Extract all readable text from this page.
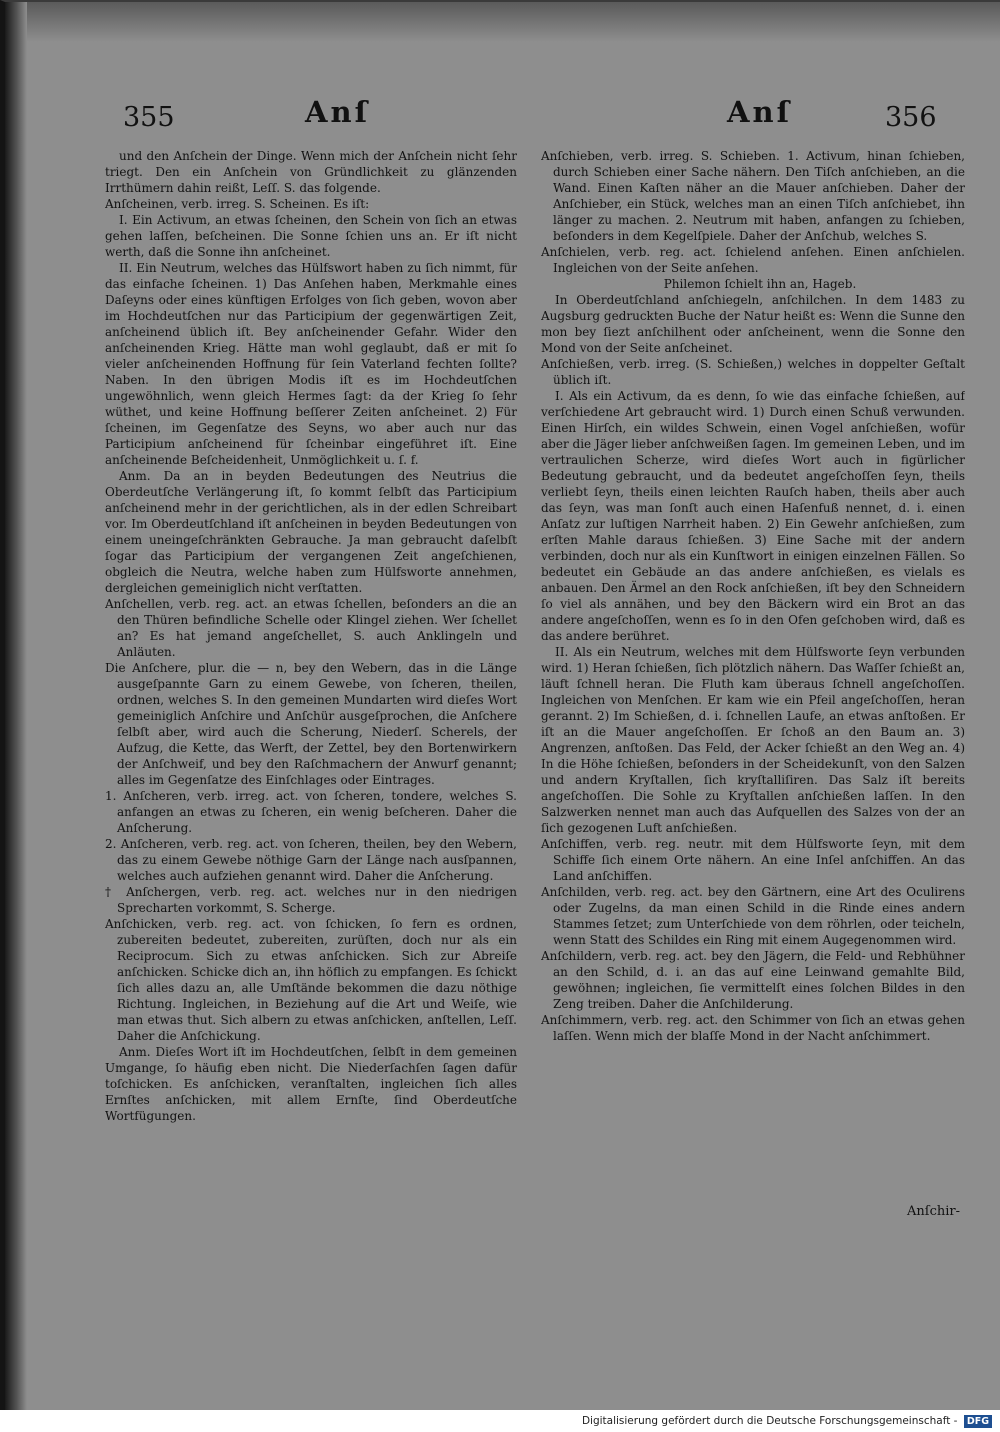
355	Anſ	Anſ	356

und den Anſchein der Dinge. Wenn mich der Anſchein nicht ſehr triegt. Den ein Anſchein von Gründlichkeit zu glänzenden Irrthümern dahin reißt, Leſſ. S. das folgende.

Anſcheinen, verb. irreg. S. Scheinen. Es iſt:

I. Ein Activum, an etwas ſcheinen, den Schein von ſich an etwas gehen laſſen, beſcheinen. Die Sonne ſchien uns an. Er iſt nicht werth, daß die Sonne ihn anſcheinet.

II. Ein Neutrum, welches das Hülfswort haben zu ſich nimmt, für das einfache ſcheinen. 1) Das Anſehen haben, Merkmahle eines Daſeyns oder eines künftigen Erfolges von ſich geben, wovon aber im Hochdeutſchen nur das Participium der gegenwärtigen Zeit, anſcheinend üblich iſt. Bey anſcheinender Gefahr. Wider den anſcheinenden Krieg. Hätte man wohl geglaubt, daß er mit ſo vieler anſcheinenden Hoffnung für ſein Vaterland fechten ſollte? Naben. In den übrigen Modis iſt es im Hochdeutſchen ungewöhnlich, wenn gleich Hermes ſagt: da der Krieg ſo ſehr wüthet, und keine Hoffnung beſſerer Zeiten anſcheinet. 2) Für ſcheinen, im Gegenſatze des Seyns, wo aber auch nur das Participium anſcheinend für ſcheinbar eingeführet iſt. Eine anſcheinende Beſcheidenheit, Unmöglichkeit u. ſ. f.

Anm. Da an in beyden Bedeutungen des Neutrius die Oberdeutſche Verlängerung iſt, ſo kommt ſelbſt das Participium anſcheinend mehr in der gerichtlichen, als in der edlen Schreibart vor. Im Oberdeutſchland iſt anſcheinen in beyden Bedeutungen von einem uneingeſchränkten Gebrauche. Ja man gebraucht daſelbſt ſogar das Participium der vergangenen Zeit angeſchienen, obgleich die Neutra, welche haben zum Hülfsworte annehmen, dergleichen gemeiniglich nicht verſtatten.

Anſchellen, verb. reg. act. an etwas ſchellen, beſonders an die an den Thüren befindliche Schelle oder Klingel ziehen. Wer ſchellet an? Es hat jemand angeſchellet, S. auch Anklingeln und Anläuten.

Die Anſchere, plur. die — n, bey den Webern, das in die Länge ausgeſpannte Garn zu einem Gewebe, von ſcheren, theilen, ordnen, welches S. In den gemeinen Mundarten wird dieſes Wort gemeiniglich Anſchire und Anſchür ausgeſprochen, die Anſchere ſelbſt aber, wird auch die Scherung, Niederſ. Scherels, der Aufzug, die Kette, das Werft, der Zettel, bey den Bortenwirkern der Anſchweif, und bey den Raſchmachern der Anwurf genannt; alles im Gegenſatze des Einſchlages oder Eintrages.

1. Anſcheren, verb. irreg. act. von ſcheren, tondere, welches S. anfangen an etwas zu ſcheren, ein wenig beſcheren. Daher die Anſcherung.

2. Anſcheren, verb. reg. act. von ſcheren, theilen, bey den Webern, das zu einem Gewebe nöthige Garn der Länge nach ausſpannen, welches auch aufziehen genannt wird. Daher die Anſcherung.

† Anſchergen, verb. reg. act. welches nur in den niedrigen Sprecharten vorkommt, S. Scherge.

Anſchicken, verb. reg. act. von ſchicken, ſo fern es ordnen, zubereiten bedeutet, zubereiten, zurüſten, doch nur als ein Reciprocum. Sich zu etwas anſchicken. Sich zur Abreiſe anſchicken. Schicke dich an, ihn höflich zu empfangen. Es ſchickt ſich alles dazu an, alle Umſtände bekommen die dazu nöthige Richtung. Ingleichen, in Beziehung auf die Art und Weiſe, wie man etwas thut. Sich albern zu etwas anſchicken, anſtellen, Leſſ. Daher die Anſchickung.

Anm. Dieſes Wort iſt im Hochdeutſchen, ſelbſt in dem gemeinen Umgange, ſo häufig eben nicht. Die Niederſachſen ſagen dafür toſchicken. Es anſchicken, veranſtalten, ingleichen ſich alles Ernſtes anſchicken, mit allem Ernſte, ſind Oberdeutſche Wortfügungen.

Anſchieben, verb. irreg. S. Schieben. 1. Activum, hinan ſchieben, durch Schieben einer Sache nähern. Den Tiſch anſchieben, an die Wand. Einen Kaſten näher an die Mauer anſchieben. Daher der Anſchieber, ein Stück, welches man an einen Tiſch anſchiebet, ihn länger zu machen. 2. Neutrum mit haben, anfangen zu ſchieben, beſonders in dem Kegelſpiele. Daher der Anſchub, welches S.

Anſchielen, verb. reg. act. ſchielend anſehen. Einen anſchielen. Ingleichen von der Seite anſehen.

Philemon ſchielt ihn an, Hageb.

In Oberdeutſchland anſchiegeln, anſchilchen. In dem 1483 zu Augsburg gedruckten Buche der Natur heißt es: Wenn die Sunne den mon bey ſiezt anſchilhent oder anſcheinent, wenn die Sonne den Mond von der Seite anſcheinet.

Anſchießen, verb. irreg. (S. Schießen,) welches in doppelter Geſtalt üblich iſt.

I. Als ein Activum, da es denn, ſo wie das einfache ſchießen, auf verſchiedene Art gebraucht wird. 1) Durch einen Schuß verwunden. Einen Hirſch, ein wildes Schwein, einen Vogel anſchießen, wofür aber die Jäger lieber anſchweißen ſagen. Im gemeinen Leben, und im vertraulichen Scherze, wird dieſes Wort auch in figürlicher Bedeutung gebraucht, und da bedeutet angeſchoſſen ſeyn, theils verliebt ſeyn, theils einen leichten Rauſch haben, theils aber auch das ſeyn, was man ſonſt auch einen Haſenfuß nennet, d. i. einen Anſatz zur luſtigen Narrheit haben. 2) Ein Gewehr anſchießen, zum erſten Mahle daraus ſchießen. 3) Eine Sache mit der andern verbinden, doch nur als ein Kunſtwort in einigen einzelnen Fällen. So bedeutet ein Gebäude an das andere anſchießen, es vielals es anbauen. Den Ärmel an den Rock anſchießen, iſt bey den Schneidern ſo viel als annähen, und bey den Bäckern wird ein Brot an das andere angeſchoſſen, wenn es ſo in den Ofen geſchoben wird, daß es das andere berühret.

II. Als ein Neutrum, welches mit dem Hülfsworte ſeyn verbunden wird. 1) Heran ſchießen, ſich plötzlich nähern. Das Waſſer ſchießt an, läuft ſchnell heran. Die Fluth kam überaus ſchnell angeſchoſſen. Ingleichen von Menſchen. Er kam wie ein Pfeil angeſchoſſen, heran gerannt. 2) Im Schießen, d. i. ſchnellen Laufe, an etwas anſtoßen. Er iſt an die Mauer angeſchoſſen. Er ſchoß an den Baum an. 3) Angrenzen, anſtoßen. Das Feld, der Acker ſchießt an den Weg an. 4) In die Höhe ſchießen, beſonders in der Scheidekunſt, von den Salzen und andern Kryſtallen, ſich kryſtalliſiren. Das Salz iſt bereits angeſchoſſen. Die Sohle zu Kryſtallen anſchießen laſſen. In den Salzwerken nennet man auch das Aufquellen des Salzes von der an ſich gezogenen Luft anſchießen.

Anſchiffen, verb. reg. neutr. mit dem Hülfsworte ſeyn, mit dem Schiffe ſich einem Orte nähern. An eine Inſel anſchiffen. An das Land anſchiffen.

Anſchilden, verb. reg. act. bey den Gärtnern, eine Art des Oculirens oder Zugelns, da man einen Schild in die Rinde eines andern Stammes ſetzet; zum Unterſchiede von dem röhrlen, oder teicheln, wenn Statt des Schildes ein Ring mit einem Augegenommen wird.

Anſchildern, verb. reg. act. bey den Jägern, die Feld- und Rebhühner an den Schild, d. i. an das auf eine Leinwand gemahlte Bild, gewöhnen; ingleichen, ſie vermittelſt eines ſolchen Bildes in den Zeng treiben. Daher die Anſchilderung.

Anſchimmern, verb. reg. act. den Schimmer von ſich an etwas gehen laſſen. Wenn mich der blaſſe Mond in der Nacht anſchimmert.

Anſchir-
Digitalisierung gefördert durch die Deutsche Forschungsgemeinschaft - DFG
